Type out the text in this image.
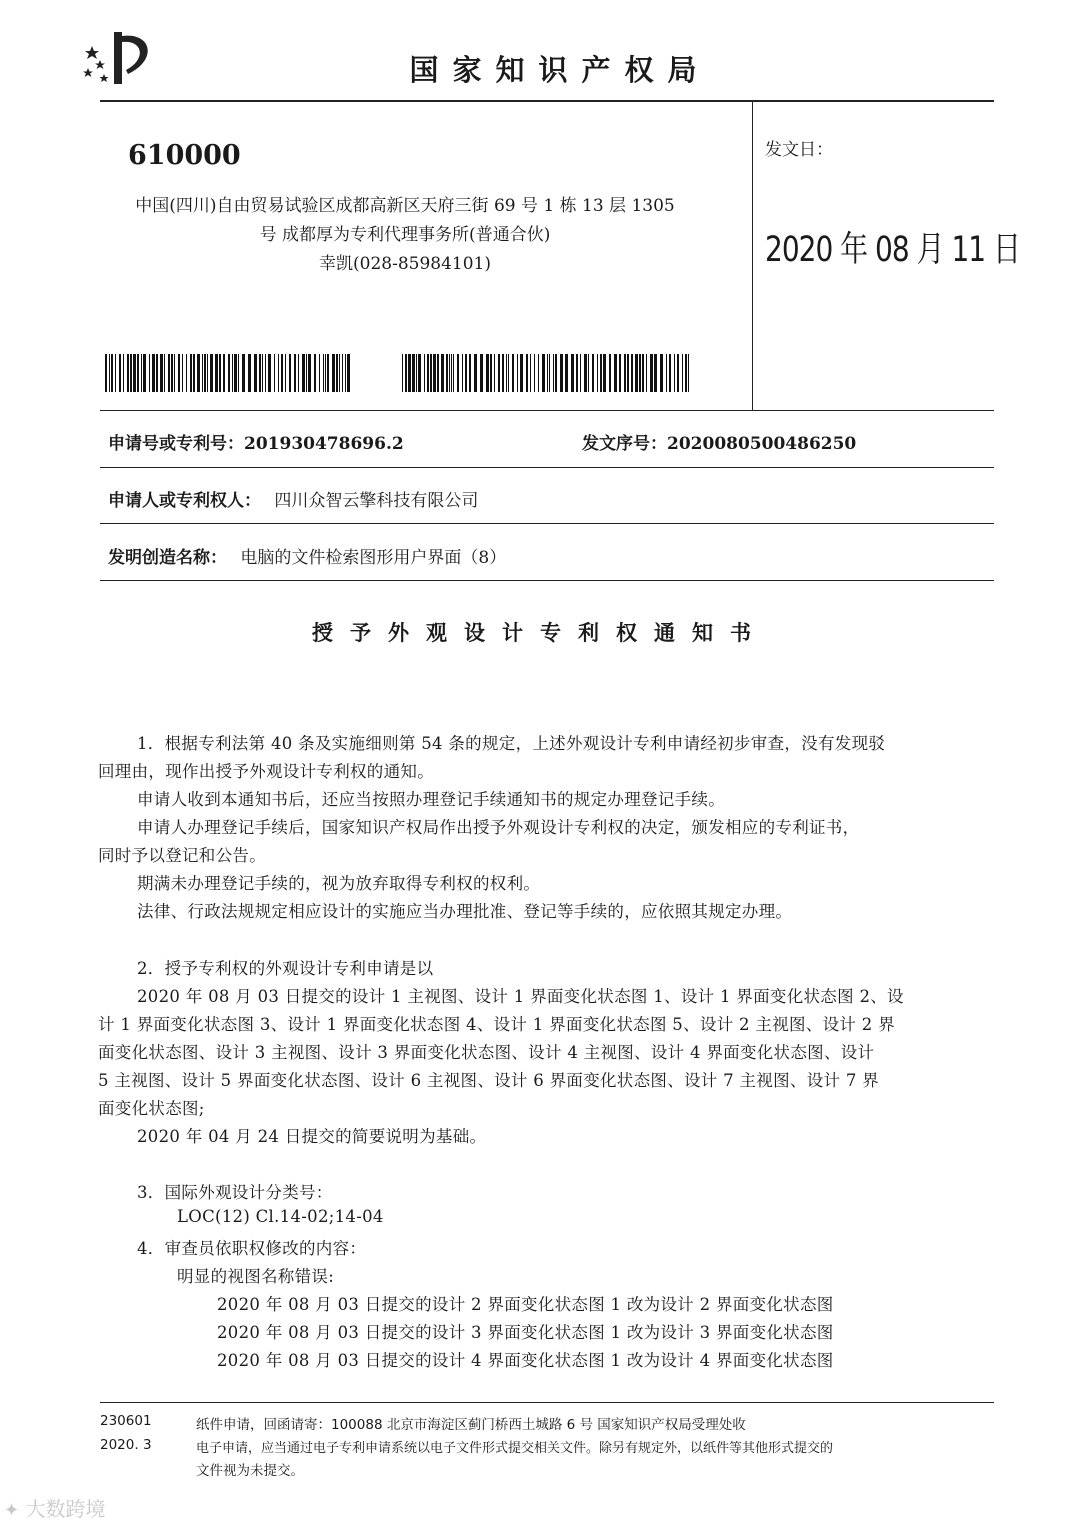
国家知识产权局
610000
中国(四川)自由贸易试验区成都高新区天府三街 69 号 1 栋 13 层 1305
号 成都厚为专利代理事务所(普通合伙)
幸凯(028-85984101)
发文日：
2020 年 08 月 11 日
申请号或专利号：201930478696.2	发文序号：2020080500486250
申请人或专利权人： 四川众智云擎科技有限公司
发明创造名称： 电脑的文件检索图形用户界面（8）
授予外观设计专利权通知书
1．根据专利法第 40 条及实施细则第 54 条的规定，上述外观设计专利申请经初步审查，没有发现驳
回理由，现作出授予外观设计专利权的通知。
申请人收到本通知书后，还应当按照办理登记手续通知书的规定办理登记手续。
申请人办理登记手续后，国家知识产权局作出授予外观设计专利权的决定，颁发相应的专利证书，
同时予以登记和公告。
期满未办理登记手续的，视为放弃取得专利权的权利。
法律、行政法规规定相应设计的实施应当办理批准、登记等手续的，应依照其规定办理。
2．授予专利权的外观设计专利申请是以
2020 年 08 月 03 日提交的设计 1 主视图、设计 1 界面变化状态图 1、设计 1 界面变化状态图 2、设
计 1 界面变化状态图 3、设计 1 界面变化状态图 4、设计 1 界面变化状态图 5、设计 2 主视图、设计 2 界
面变化状态图、设计 3 主视图、设计 3 界面变化状态图、设计 4 主视图、设计 4 界面变化状态图、设计
5 主视图、设计 5 界面变化状态图、设计 6 主视图、设计 6 界面变化状态图、设计 7 主视图、设计 7 界
面变化状态图;
2020 年 04 月 24 日提交的简要说明为基础。
3．国际外观设计分类号：
LOC(12) Cl.14-02;14-04
4．审查员依职权修改的内容：
明显的视图名称错误:
2020 年 08 月 03 日提交的设计 2 界面变化状态图 1 改为设计 2 界面变化状态图
2020 年 08 月 03 日提交的设计 3 界面变化状态图 1 改为设计 3 界面变化状态图
2020 年 08 月 03 日提交的设计 4 界面变化状态图 1 改为设计 4 界面变化状态图
230601
2020. 3
纸件申请，回函请寄：100088 北京市海淀区蓟门桥西土城路 6 号 国家知识产权局受理处收
电子申请，应当通过电子专利申请系统以电子文件形式提交相关文件。除另有规定外，以纸件等其他形式提交的
文件视为未提交。
✦ 大数跨境
